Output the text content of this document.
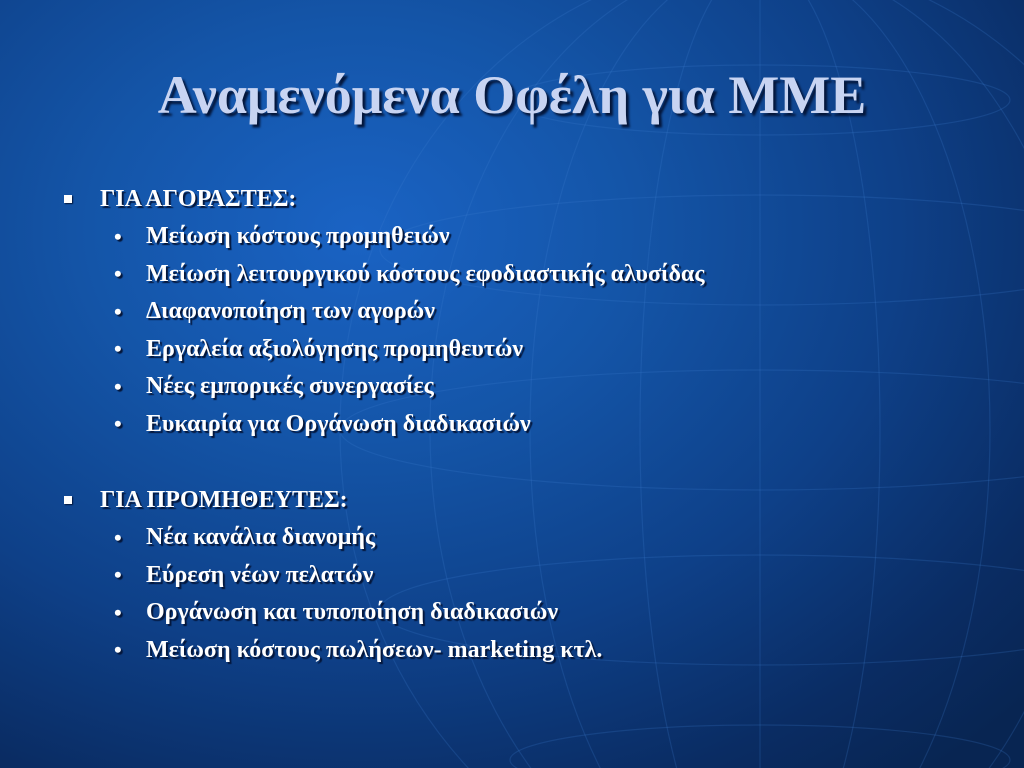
Αναμενόμενα Οφέλη για ΜΜΕ
ΓΙΑ ΑΓΟΡΑΣΤΕΣ:
•	Μείωση κόστους προμηθειών
•	Μείωση λειτουργικού κόστους εφοδιαστικής αλυσίδας
•	Διαφανοποίηση των αγορών
•	Εργαλεία αξιολόγησης προμηθευτών
•	Νέες εμπορικές συνεργασίες
•	Ευκαιρία για Οργάνωση διαδικασιών
ΓΙΑ ΠΡΟΜΗΘΕΥΤΕΣ:
•	Νέα κανάλια διανομής
•	Εύρεση νέων πελατών
•	Οργάνωση και τυποποίηση διαδικασιών
•	Μείωση κόστους πωλήσεων- marketing κτλ.
